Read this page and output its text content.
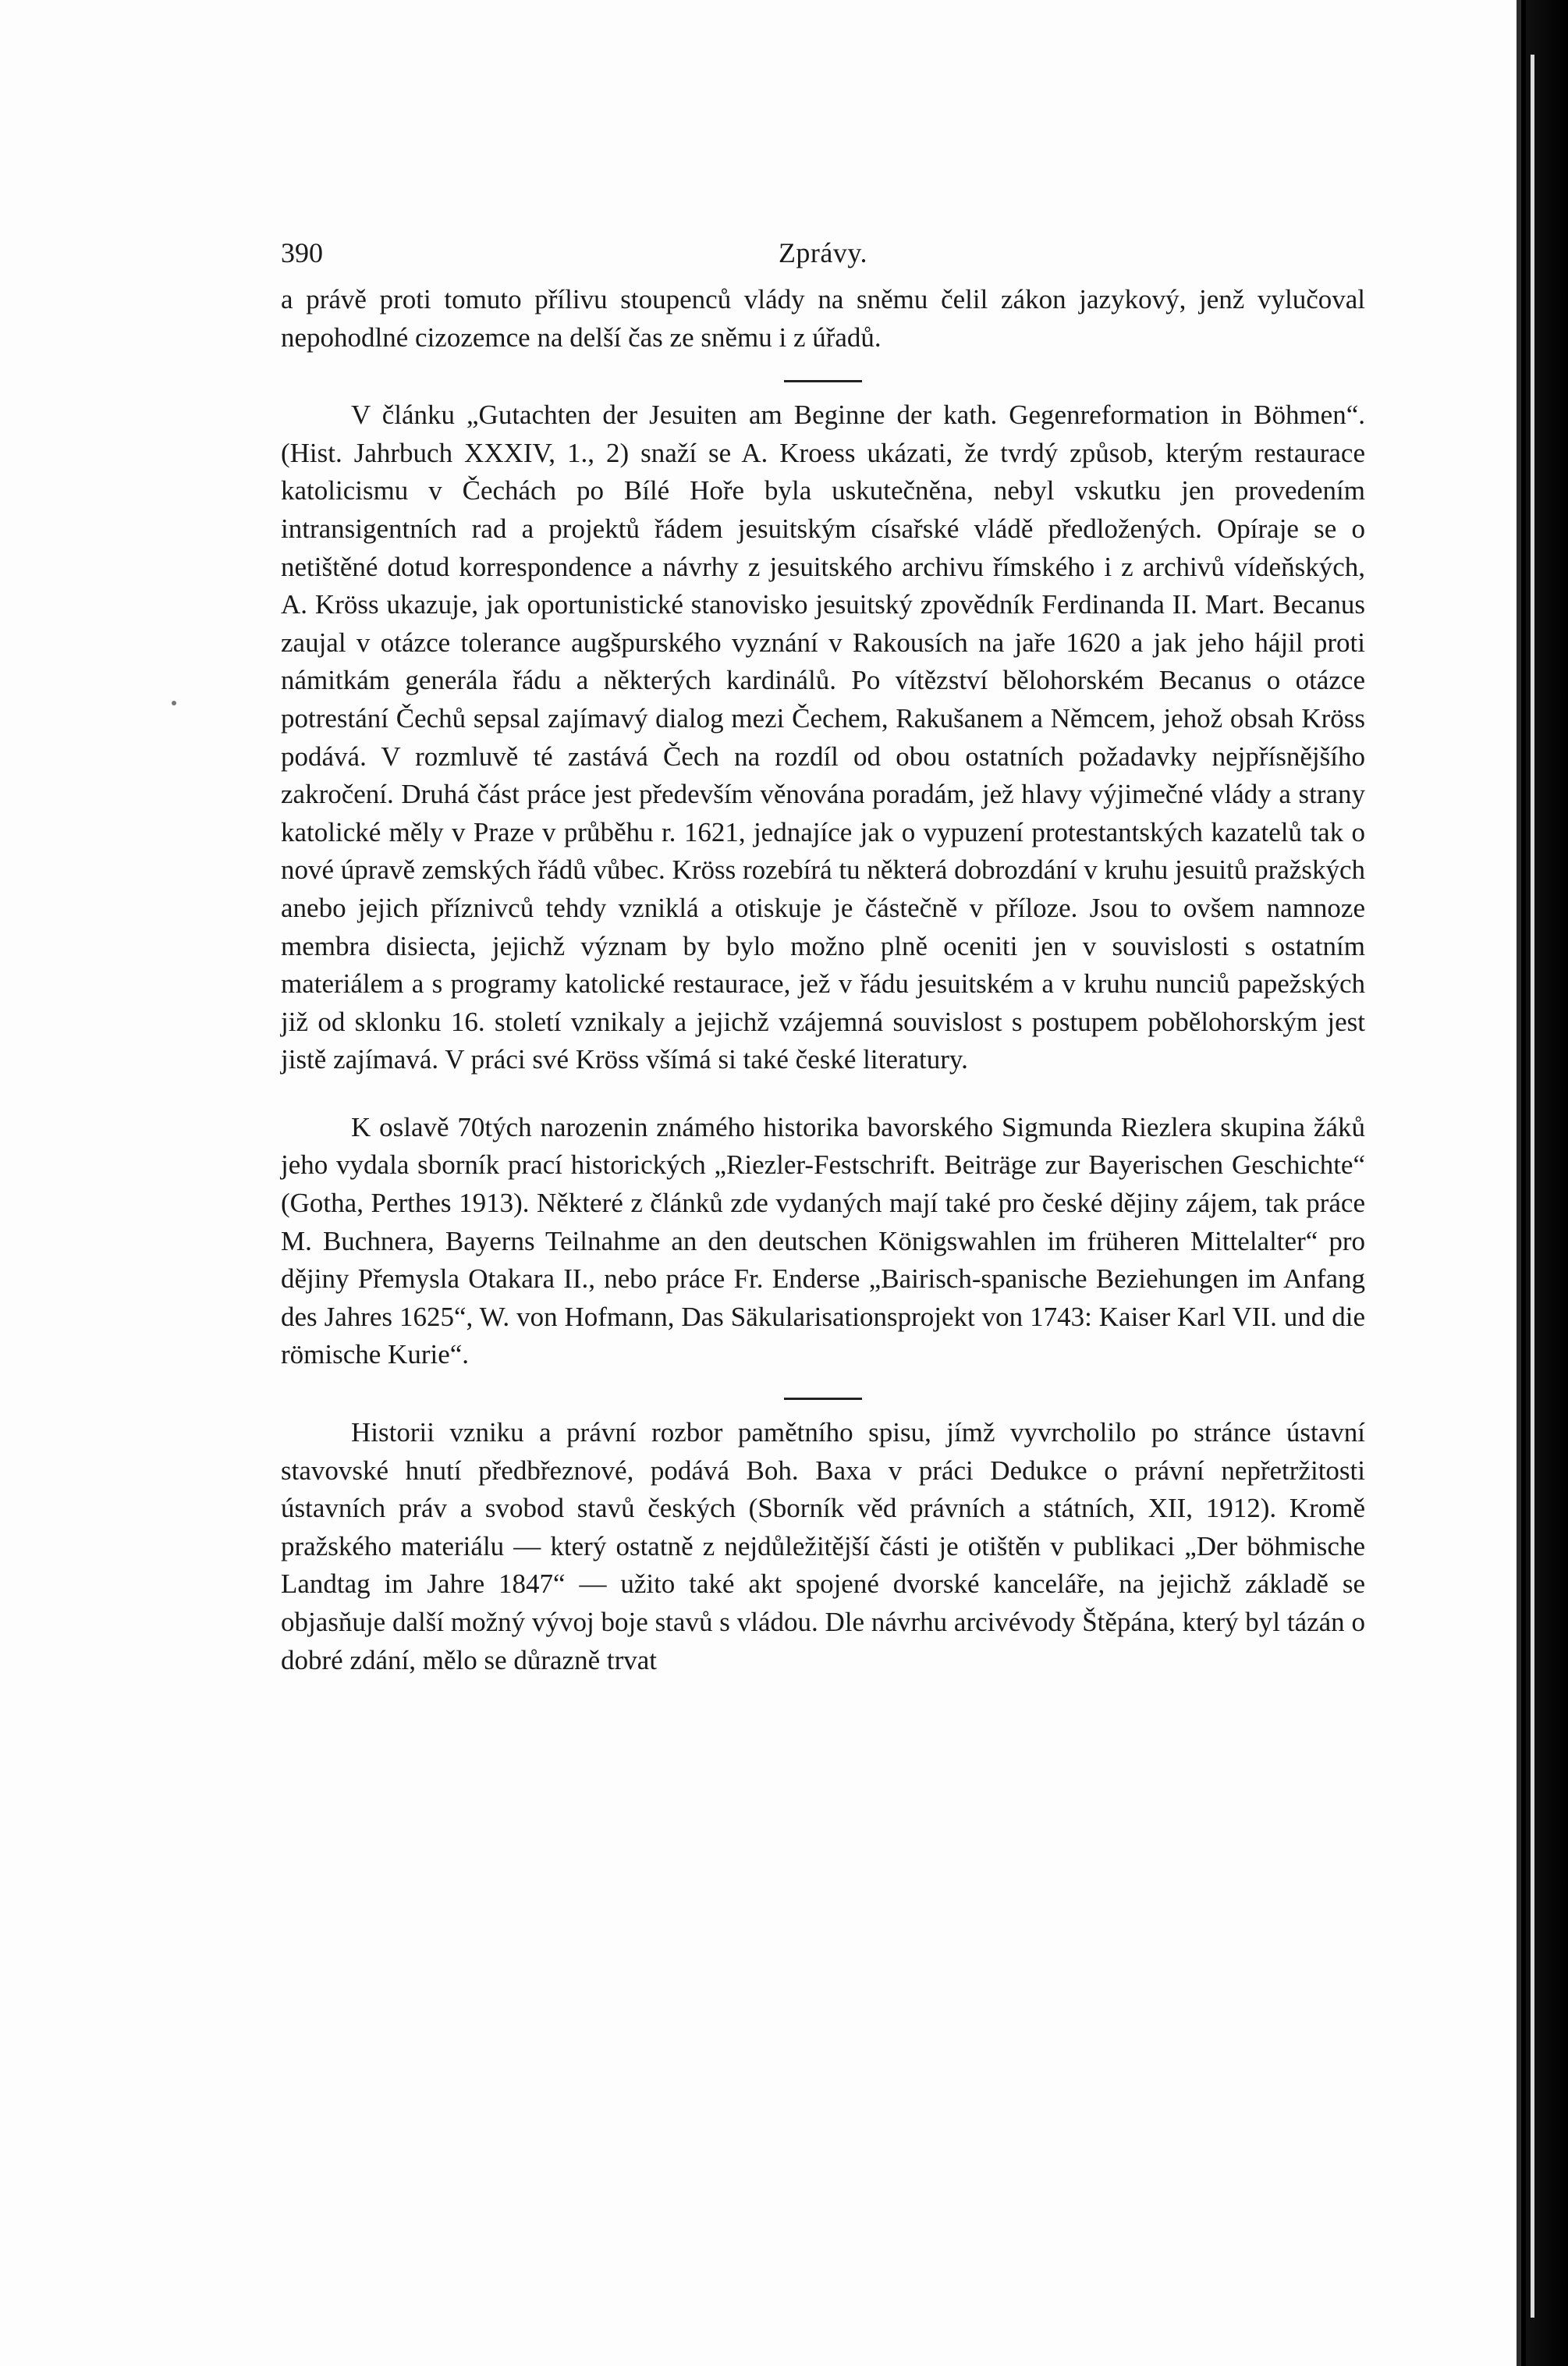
390	Zprávy.

a právě proti tomuto přílivu stoupenců vlády na sněmu čelil zákon jazykový, jenž vylučoval nepohodlné cizozemce na delší čas ze sněmu i z úřadů.

V článku „Gutachten der Jesuiten am Beginne der kath. Gegenreformation in Böhmen“. (Hist. Jahrbuch XXXIV, 1., 2) snaží se A. Kroess ukázati, že tvrdý způsob, kterým restaurace katolicismu v Čechách po Bílé Hoře byla uskutečněna, nebyl vskutku jen provedením intransigentních rad a projektů řádem jesuitským císařské vládě předložených. Opíraje se o netištěné dotud korrespondence a návrhy z jesuitského archivu římského i z archivů vídeňských, A. Kröss ukazuje, jak oportunistické stanovisko jesuitský zpovědník Ferdinanda II. Mart. Becanus zaujal v otázce tolerance augšpurského vyznání v Rakousích na jaře 1620 a jak jeho hájil proti námitkám generála řádu a některých kardinálů. Po vítězství bělohorském Becanus o otázce potrestání Čechů sepsal zajímavý dialog mezi Čechem, Rakušanem a Němcem, jehož obsah Kröss podává. V rozmluvě té zastává Čech na rozdíl od obou ostatních požadavky nejpřísnějšího zakročení. Druhá část práce jest především věnována poradám, jež hlavy výjimečné vlády a strany katolické měly v Praze v průběhu r. 1621, jednajíce jak o vypuzení protestantských kazatelů tak o nové úpravě zemských řádů vůbec. Kröss rozebírá tu některá dobrozdání v kruhu jesuitů pražských anebo jejich příznivců tehdy vzniklá a otiskuje je částečně v příloze. Jsou to ovšem namnoze membra disiecta, jejichž význam by bylo možno plně oceniti jen v souvislosti s ostatním materiálem a s programy katolické restaurace, jež v řádu jesuitském a v kruhu nunciů papežských již od sklonku 16. století vznikaly a jejichž vzájemná souvislost s postupem pobělohorským jest jistě zajímavá. V práci své Kröss všímá si také české literatury.

K oslavě 70tých narozenin známého historika bavorského Sigmunda Riezlera skupina žáků jeho vydala sborník prací historických „Riezler-Festschrift. Beiträge zur Bayerischen Geschichte“ (Gotha, Perthes 1913). Některé z článků zde vydaných mají také pro české dějiny zájem, tak práce M. Buchnera, Bayerns Teilnahme an den deutschen Königswahlen im früheren Mittelalter“ pro dějiny Přemysla Otakara II., nebo práce Fr. Enderse „Bairisch-spanische Beziehungen im Anfang des Jahres 1625“, W. von Hofmann, Das Säkularisationsprojekt von 1743: Kaiser Karl VII. und die römische Kurie“.

Historii vzniku a právní rozbor pamětního spisu, jímž vyvrcholilo po stránce ústavní stavovské hnutí předbřeznové, podává Boh. Baxa v práci Dedukce o právní nepřetržitosti ústavních práv a svobod stavů českých (Sborník věd právních a státních, XII, 1912). Kromě pražského materiálu — který ostatně z nejdůležitější části je otištěn v publikaci „Der böhmische Landtag im Jahre 1847“ — užito také akt spojené dvorské kanceláře, na jejichž základě se objasňuje další možný vývoj boje stavů s vládou. Dle návrhu arcivévody Štěpána, který byl tázán o dobré zdání, mělo se důrazně trvat
